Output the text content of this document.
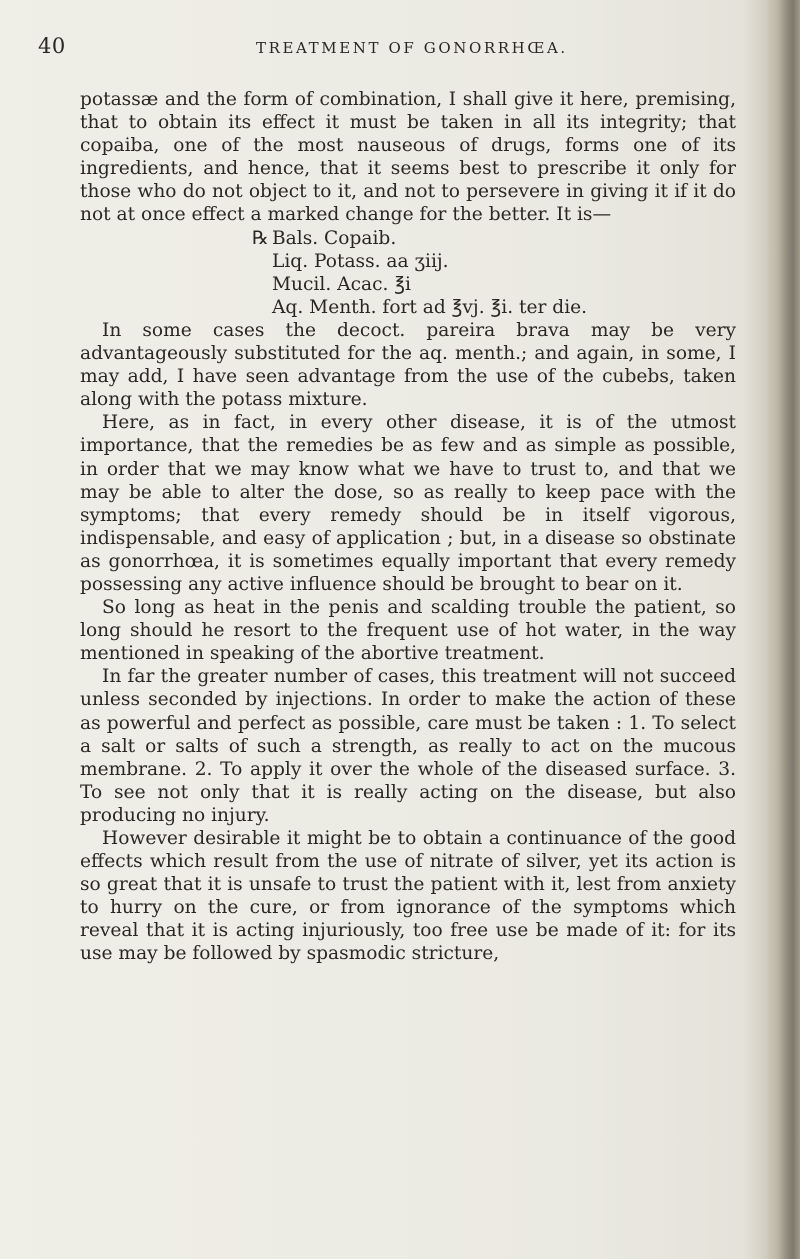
40	TREATMENT OF GONORRHŒA.

potassæ and the form of combination, I shall give it here, premising, that to obtain its effect it must be taken in all its integrity; that copaiba, one of the most nauseous of drugs, forms one of its ingredients, and hence, that it seems best to prescribe it only for those who do not object to it, and not to persevere in giving it if it do not at once effect a marked change for the better. It is—

℞ Bals. Copaib.

Liq. Potass. aa ʒiij.

Mucil. Acac. ℥i

Aq. Menth. fort ad ℥vj. ℥i. ter die.

In some cases the decoct. pareira brava may be very advantageously substituted for the aq. menth.; and again, in some, I may add, I have seen advantage from the use of the cubebs, taken along with the potass mixture.

Here, as in fact, in every other disease, it is of the utmost importance, that the remedies be as few and as simple as possible, in order that we may know what we have to trust to, and that we may be able to alter the dose, so as really to keep pace with the symptoms; that every remedy should be in itself vigorous, indispensable, and easy of application ; but, in a disease so obstinate as gonorrhœa, it is sometimes equally important that every remedy possessing any active influence should be brought to bear on it.

So long as heat in the penis and scalding trouble the patient, so long should he resort to the frequent use of hot water, in the way mentioned in speaking of the abortive treatment.

In far the greater number of cases, this treatment will not succeed unless seconded by injections. In order to make the action of these as powerful and perfect as possible, care must be taken : 1. To select a salt or salts of such a strength, as really to act on the mucous membrane. 2. To apply it over the whole of the diseased surface. 3. To see not only that it is really acting on the disease, but also producing no injury.

However desirable it might be to obtain a continuance of the good effects which result from the use of nitrate of silver, yet its action is so great that it is unsafe to trust the patient with it, lest from anxiety to hurry on the cure, or from ignorance of the symptoms which reveal that it is acting injuriously, too free use be made of it: for its use may be followed by spasmodic stricture,
